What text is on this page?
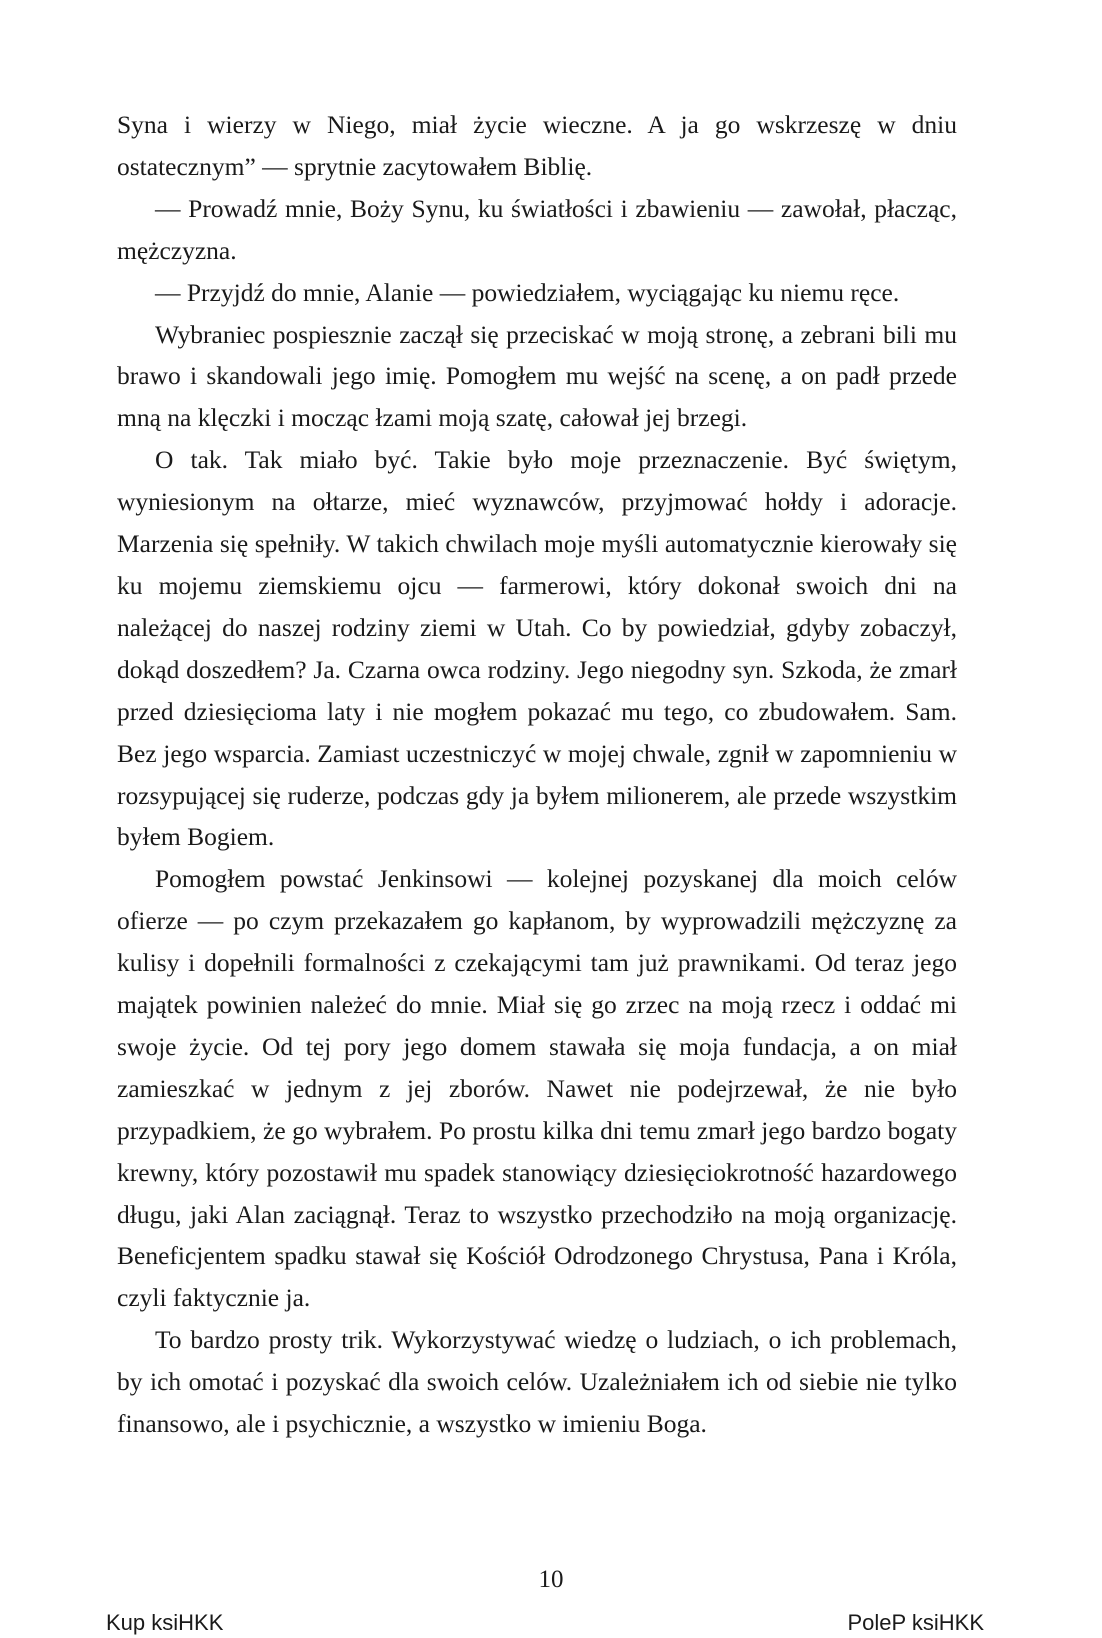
Syna i wierzy w Niego, miał życie wieczne. A ja go wskrzeszę w dniu ostatecznym” — sprytnie zacytowałem Biblię.

— Prowadź mnie, Boży Synu, ku światłości i zbawieniu — zawołał, płacząc, mężczyzna.

— Przyjdź do mnie, Alanie — powiedziałem, wyciągając ku niemu ręce.

Wybraniec pospiesznie zaczął się przeciskać w moją stronę, a zebrani bili mu brawo i skandowali jego imię. Pomogłem mu wejść na scenę, a on padł przede mną na klęczki i mocząc łzami moją szatę, całował jej brzegi.

O tak. Tak miało być. Takie było moje przeznaczenie. Być świętym, wyniesionym na ołtarze, mieć wyznawców, przyjmować hołdy i adoracje. Marzenia się spełniły. W takich chwilach moje myśli automatycznie kierowały się ku mojemu ziemskiemu ojcu — farmerowi, który dokonał swoich dni na należącej do naszej rodziny ziemi w Utah. Co by powiedział, gdyby zobaczył, dokąd doszedłem? Ja. Czarna owca rodziny. Jego niegodny syn. Szkoda, że zmarł przed dziesięcioma laty i nie mogłem pokazać mu tego, co zbudowałem. Sam. Bez jego wsparcia. Zamiast uczestniczyć w mojej chwale, zgnił w zapomnieniu w rozsypującej się ruderze, podczas gdy ja byłem milionerem, ale przede wszystkim byłem Bogiem.

Pomogłem powstać Jenkinsowi — kolejnej pozyskanej dla moich celów ofierze — po czym przekazałem go kapłanom, by wyprowadzili mężczyznę za kulisy i dopełnili formalności z czekającymi tam już prawnikami. Od teraz jego majątek powinien należeć do mnie. Miał się go zrzec na moją rzecz i oddać mi swoje życie. Od tej pory jego domem stawała się moja fundacja, a on miał zamieszkać w jednym z jej zborów. Nawet nie podejrzewał, że nie było przypadkiem, że go wybrałem. Po prostu kilka dni temu zmarł jego bardzo bogaty krewny, który pozostawił mu spadek stanowiący dziesięciokrotność hazardowego długu, jaki Alan zaciągnął. Teraz to wszystko przechodziło na moją organizację. Beneficjentem spadku stawał się Kościół Odrodzonego Chrystusa, Pana i Króla, czyli faktycznie ja.

To bardzo prosty trik. Wykorzystywać wiedzę o ludziach, o ich problemach, by ich omotać i pozyskać dla swoich celów. Uzależniałem ich od siebie nie tylko finansowo, ale i psychicznie, a wszystko w imieniu Boga.

10
Kup ksiHKK	PoleP ksiHKK
